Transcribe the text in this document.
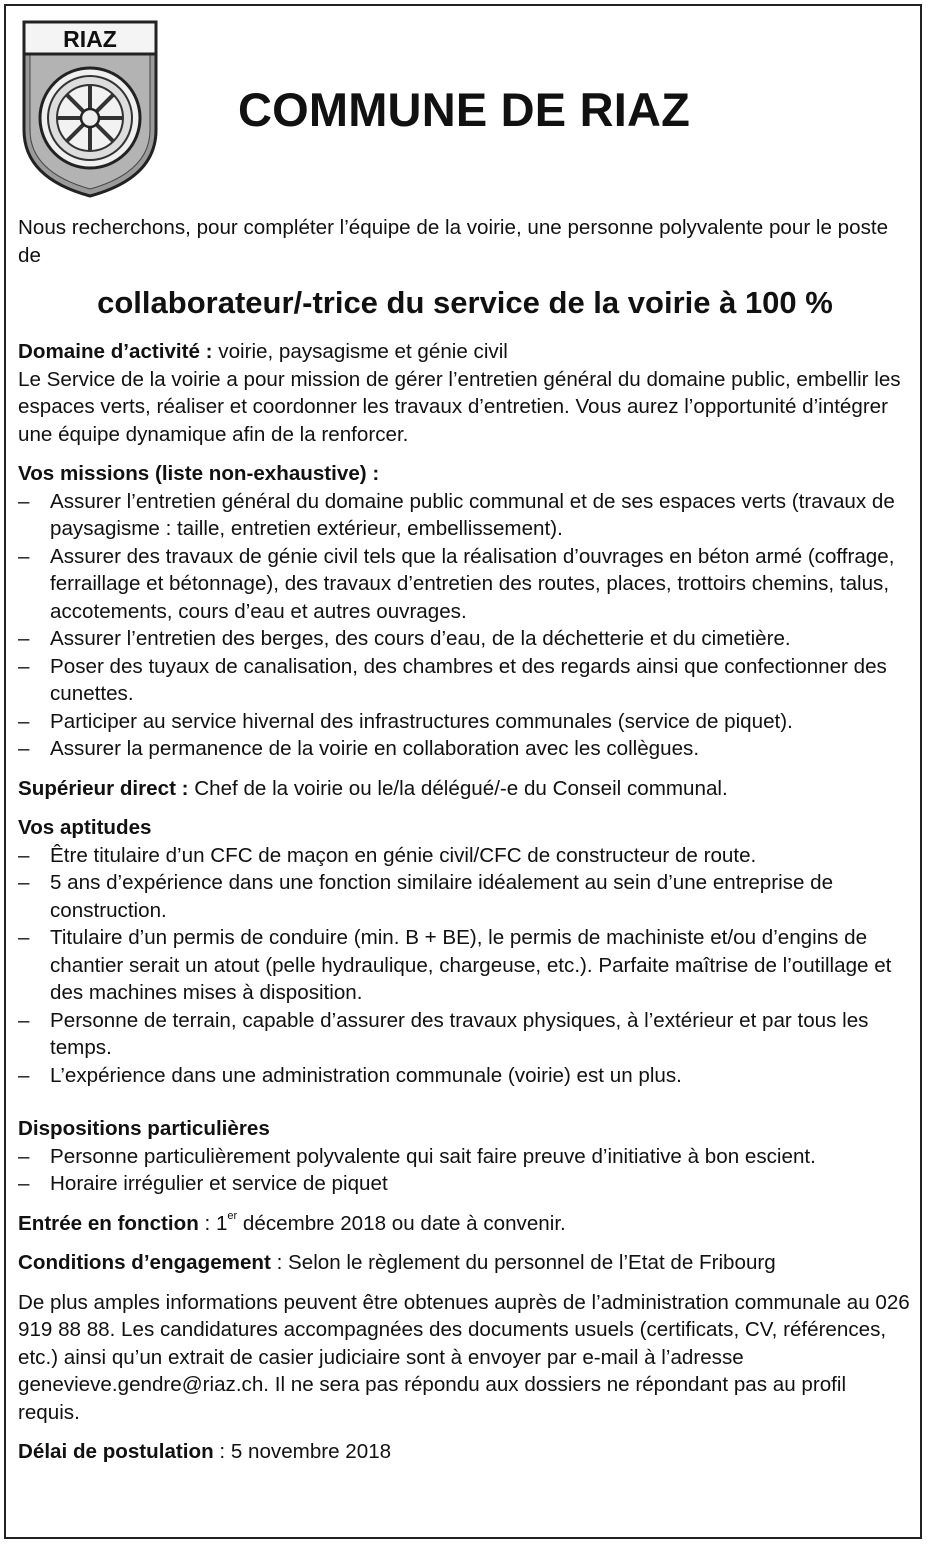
RIAZ
COMMUNE DE RIAZ

Nous recherchons, pour compléter l’équipe de la voirie, une personne polyvalente pour le poste de

collaborateur/-trice du service de la voirie à 100 %

Domaine d’activité : voirie, paysagisme et génie civil

Le Service de la voirie a pour mission de gérer l’entretien général du domaine public, embellir les espaces verts, réaliser et coordonner les travaux d’entretien. Vous aurez l’opportunité d’intégrer une équipe dynamique afin de la renforcer.

Vos missions (liste non-exhaustive) :

– Assurer l’entretien général du domaine public communal et de ses espaces verts (travaux de paysagisme : taille, entretien extérieur, embellissement).
– Assurer des travaux de génie civil tels que la réalisation d’ouvrages en béton armé (coffrage, ferraillage et bétonnage), des travaux d’entretien des routes, places, trottoirs chemins, talus, accotements, cours d’eau et autres ouvrages.
– Assurer l’entretien des berges, des cours d’eau, de la déchetterie et du cimetière.
– Poser des tuyaux de canalisation, des chambres et des regards ainsi que confectionner des cunettes.
– Participer au service hivernal des infrastructures communales (service de piquet).
– Assurer la permanence de la voirie en collaboration avec les collègues.

Supérieur direct : Chef de la voirie ou le/la délégué/-e du Conseil communal.

Vos aptitudes

– Être titulaire d’un CFC de maçon en génie civil/CFC de constructeur de route.
– 5 ans d’expérience dans une fonction similaire idéalement au sein d’une entreprise de construction.
– Titulaire d’un permis de conduire (min. B + BE), le permis de machiniste et/ou d’engins de chantier serait un atout (pelle hydraulique, chargeuse, etc.). Parfaite maîtrise de l’outillage et des machines mises à disposition.
– Personne de terrain, capable d’assurer des travaux physiques, à l’extérieur et par tous les temps.
– L’expérience dans une administration communale (voirie) est un plus.

Dispositions particulières

– Personne particulièrement polyvalente qui sait faire preuve d’initiative à bon escient.
– Horaire irrégulier et service de piquet

Entrée en fonction : 1er décembre 2018 ou date à convenir.

Conditions d’engagement : Selon le règlement du personnel de l’Etat de Fribourg

De plus amples informations peuvent être obtenues auprès de l’administration communale au 026 919 88 88. Les candidatures accompagnées des documents usuels (certificats, CV, références, etc.) ainsi qu’un extrait de casier judiciaire sont à envoyer par e-mail à l’adresse genevieve.gendre@riaz.ch. Il ne sera pas répondu aux dossiers ne répondant pas au profil requis.

Délai de postulation : 5 novembre 2018
